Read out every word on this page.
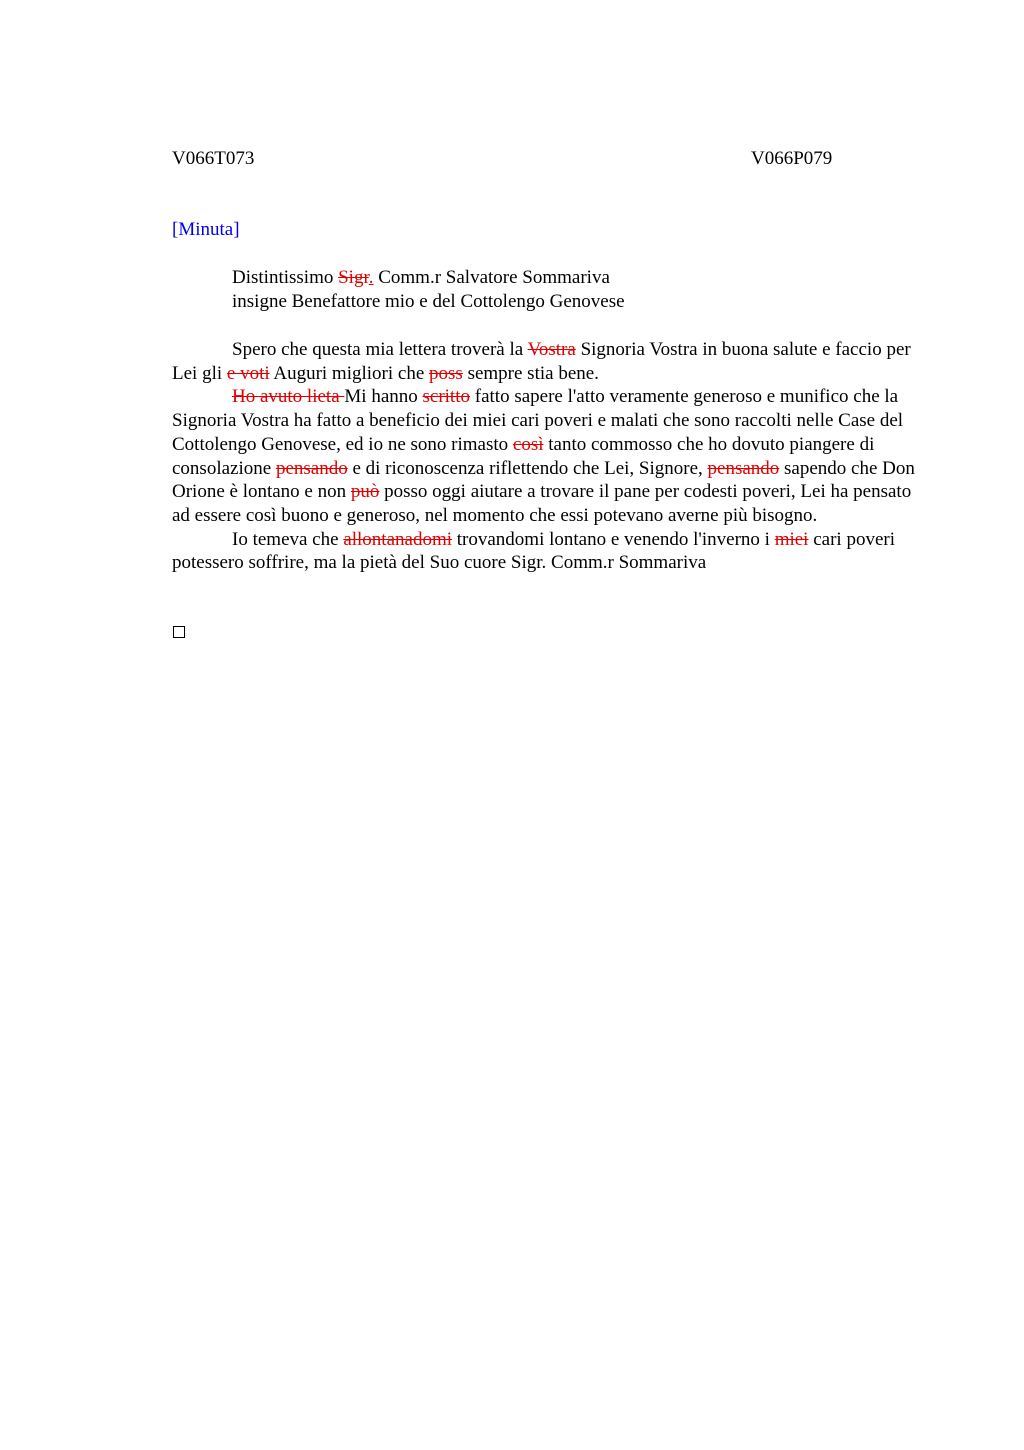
V066T073	V066P079
[Minuta]
Distintissimo Sigr. Comm.r Salvatore Sommariva
insigne Benefattore mio e del Cottolengo Genovese

Spero che questa mia lettera troverà la Vostra Signoria Vostra in buona salute e faccio per Lei gli e voti Auguri migliori che poss sempre stia bene.

Ho avuto lieta Mi hanno scritto fatto sapere l'atto veramente generoso e munifico che la Signoria Vostra ha fatto a beneficio dei miei cari poveri e malati che sono raccolti nelle Case del Cottolengo Genovese, ed io ne sono rimasto così tanto commosso che ho dovuto piangere di consolazione pensando e di riconoscenza riflettendo che Lei, Signore, pensando sapendo che Don Orione è lontano e non può posso oggi aiutare a trovare il pane per codesti poveri, Lei ha pensato ad essere così buono e generoso, nel momento che essi potevano averne più bisogno.

Io temeva che allontanadomi trovandomi lontano e venendo l'inverno i miei cari poveri potessero soffrire, ma la pietà del Suo cuore Sigr. Comm.r Sommariva
